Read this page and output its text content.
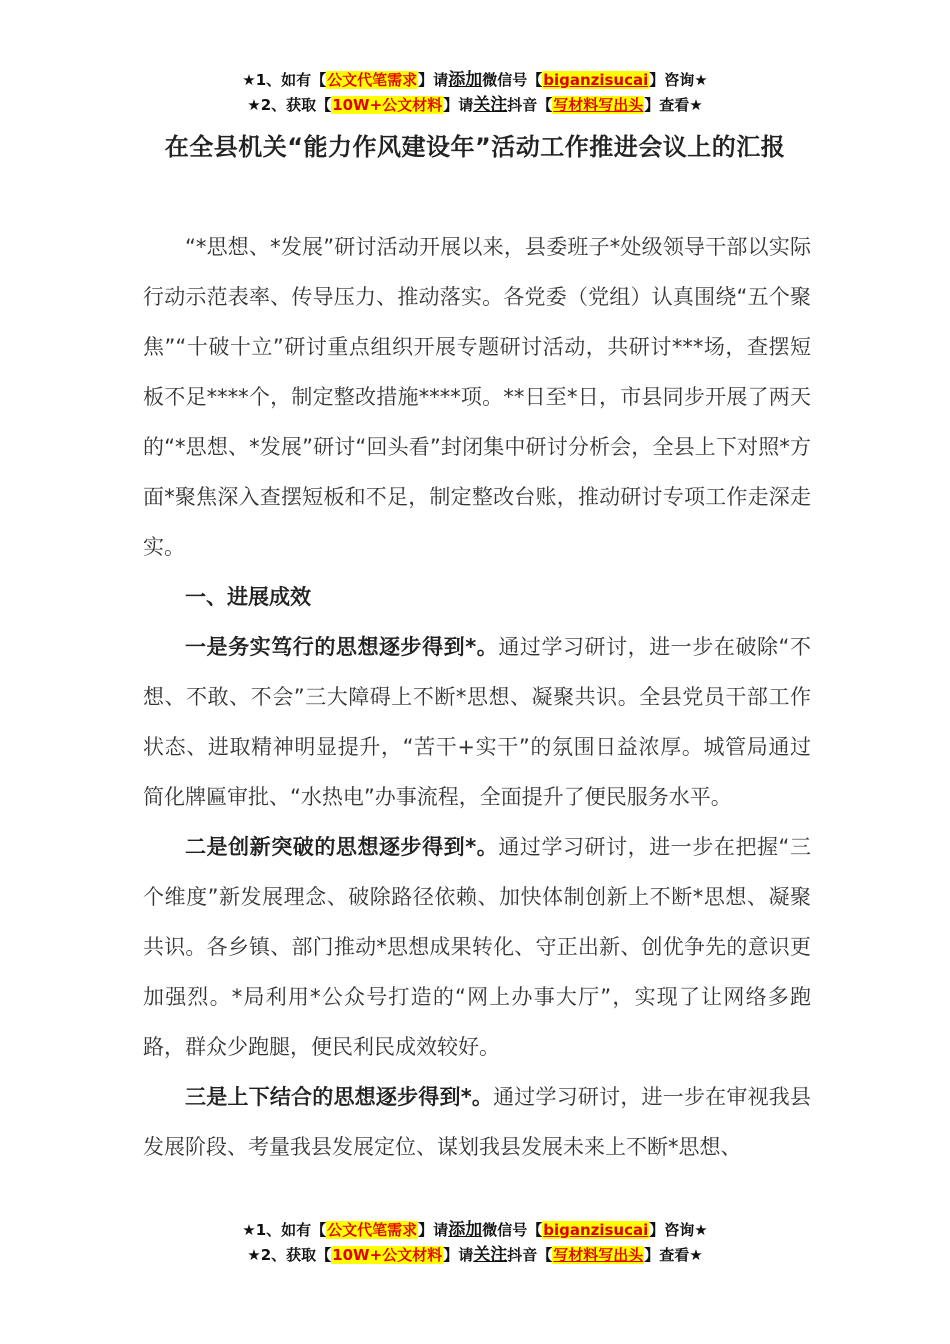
★1、如有【公文代笔需求】请添加微信号【biganzisucai】咨询★
★2、获取【10W+公文材料】请关注抖音【写材料写出头】查看★
在全县机关“能力作风建设年”活动工作推进会议上的汇报

“*思想、*发展”研讨活动开展以来，县委班子*处级领导干部以实际行动示范表率、传导压力、推动落实。各党委（党组）认真围绕“五个聚焦”“十破十立”研讨重点组织开展专题研讨活动，共研讨***场，查摆短板不足****个，制定整改措施****项。**日至*日，市县同步开展了两天的“*思想、*发展”研讨“回头看”封闭集中研讨分析会，全县上下对照*方面*聚焦深入查摆短板和不足，制定整改台账，推动研讨专项工作走深走实。

一、进展成效

一是务实笃行的思想逐步得到*。通过学习研讨，进一步在破除“不想、不敢、不会”三大障碍上不断*思想、凝聚共识。全县党员干部工作状态、进取精神明显提升，“苦干+实干”的氛围日益浓厚。城管局通过简化牌匾审批、“水热电”办事流程，全面提升了便民服务水平。

二是创新突破的思想逐步得到*。通过学习研讨，进一步在把握“三个维度”新发展理念、破除路径依赖、加快体制创新上不断*思想、凝聚共识。各乡镇、部门推动*思想成果转化、守正出新、创优争先的意识更加强烈。*局利用*公众号打造的“网上办事大厅”，实现了让网络多跑路，群众少跑腿，便民利民成效较好。

三是上下结合的思想逐步得到*。通过学习研讨，进一步在审视我县发展阶段、考量我县发展定位、谋划我县发展未来上不断*思想、

★1、如有【公文代笔需求】请添加微信号【biganzisucai】咨询★
★2、获取【10W+公文材料】请关注抖音【写材料写出头】查看★
